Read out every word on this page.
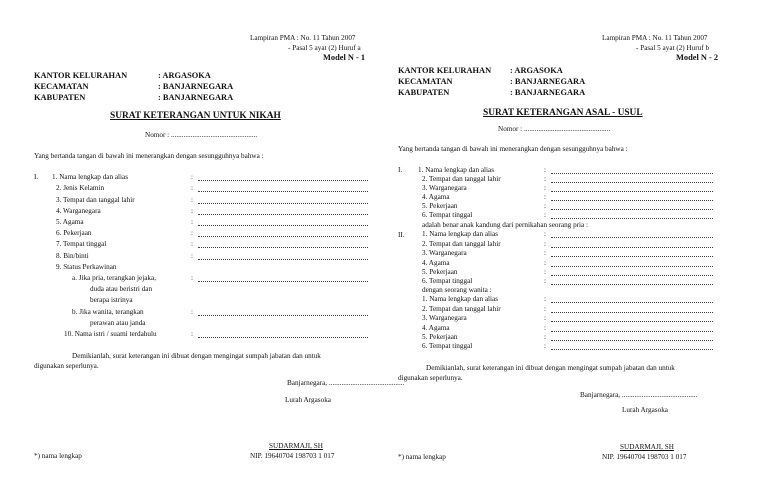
Lampiran PMA : No. 11 Tahun 2007
- Pasal 5 ayat (2) Huruf a
Model N - 1
KANTOR KELURAHAN	: ARGASOKA
KECAMATAN	: BANJARNEGARA
KABUPATEN	: BANJARNEGARA
SURAT KETERANGAN UNTUK NIKAH
Nomor : ................................................
Yang bertanda tangan di bawah ini menerangkan dengan sesungguhnya bahwa :
I. 1. Nama lengkap dan alias	:
2. Jenis Kelamin	:
3. Tempat dan tanggal lahir	:
4. Warganegara	:
5. Agama	:
6. Pekerjaan	:
7. Tempat tinggal	:
8. Bin/binti	:
9. Status Perkawinan
a. Jika pria, terangkan jejaka,	:
duda atau beristri dan
berapa istrinya
b. Jika wanita, terangkan	:
perawan atau janda
10. Nama istri / suami terdahulu	:
Demikianlah, surat keterangan ini dibuat dengan mengingat sumpah jabatan dan untuk
digunakan seperlunya.
Banjarnegara, ..........................................
Lurah Argasoka
SUDARMAJI, SH
NIP. 19640704 198703 1 017
*) nama lengkap
Lampiran PMA : No. 11 Tahun 2007
- Pasal 5 ayat (2) Huruf b
Model N - 2
KANTOR KELURAHAN : ARGASOKA
KECAMATAN	: BANJARNEGARA
KABUPATEN	: BANJARNEGARA
SURAT KETERANGAN ASAL - USUL
Nomor : ................................................
Yang bertanda tangan di bawah ini menerangkan dengan sesungguhnya bahwa :
I.
II.
1. Nama lengkap dan alias	:
2. Tempat dan tanggal lahir	:
3. Warganegara	:
4. Agama	:
5. Pekerjaan	:
6. Tempat tinggal	:
adalah benar anak kandung dari pernikahan seorang pria :
1. Nama lengkap dan alias	:
2. Tempat dan tanggal lahir	:
3. Warganegara	:
4. Agama	:
5. Pekerjaan	:
6. Tempat tinggal	:
dengan seorang wanita :
1. Nama lengkap dan alias	:
2. Tempat dan tanggal lahir	:
3. Warganegara	:
4. Agama	:
5. Pekerjaan	:
6. Tempat tinggal	:
Demikianlah, surat keterangan ini dibuat dengan mengingat sumpah jabatan dan untuk
digunakan seperlunya.
Banjarnegara, ..........................................
Lurah Argasoka
SUDARMAJI, SH
NIP. 19640704 198703 1 017
*) nama lengkap
